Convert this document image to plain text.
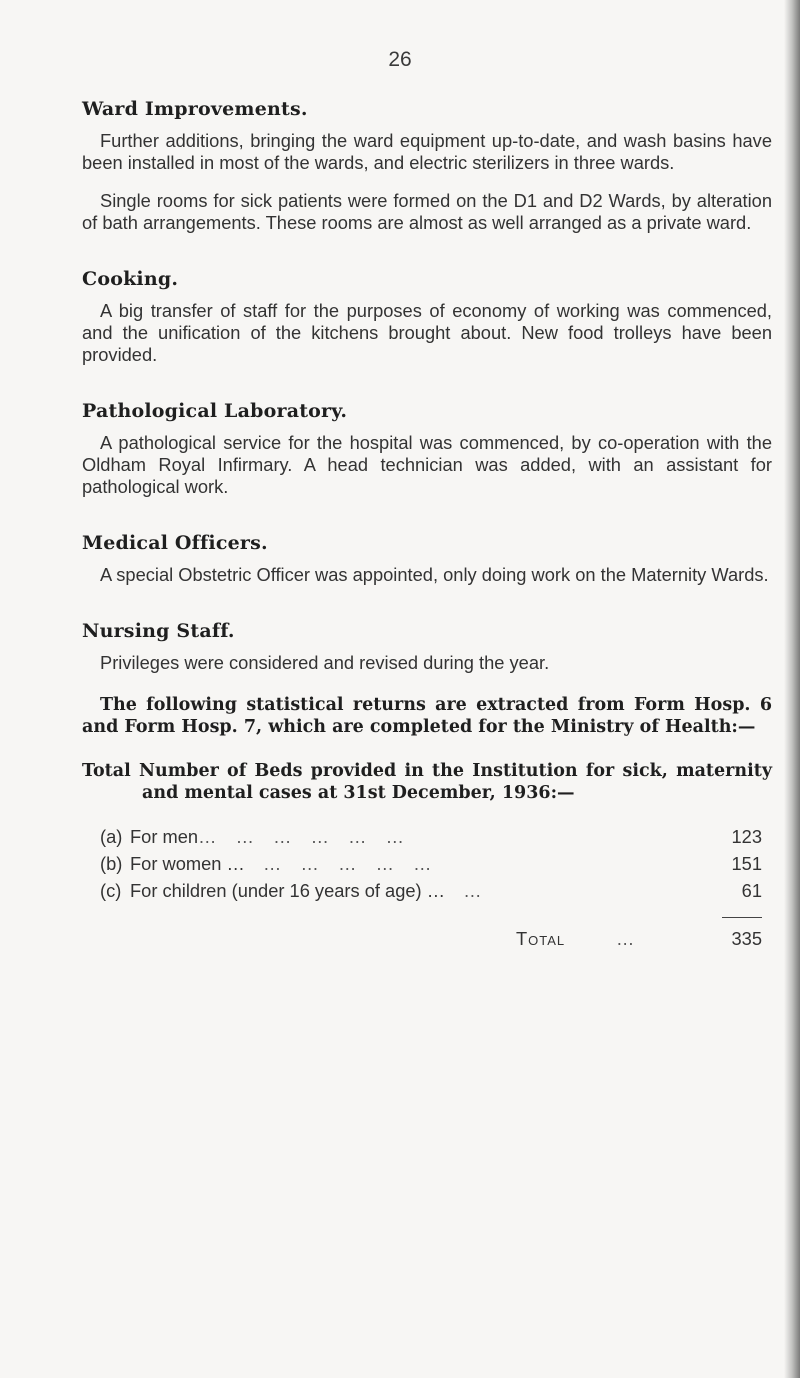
26
Ward Improvements.

Further additions, bringing the ward equipment up-to-date, and wash basins have been installed in most of the wards, and electric sterilizers in three wards.

Single rooms for sick patients were formed on the D1 and D2 Wards, by alteration of bath arrangements. These rooms are almost as well arranged as a private ward.

Cooking.

A big transfer of staff for the purposes of economy of working was commenced, and the unification of the kitchens brought about. New food trolleys have been provided.

Pathological Laboratory.

A pathological service for the hospital was commenced, by co-operation with the Oldham Royal Infirmary. A head technician was added, with an assistant for pathological work.

Medical Officers.

A special Obstetric Officer was appointed, only doing work on the Maternity Wards.

Nursing Staff.

Privileges were considered and revised during the year.

The following statistical returns are extracted from Form Hosp. 6 and Form Hosp. 7, which are completed for the Ministry of Health:—

Total Number of Beds provided in the Institution for sick, maternity and mental cases at 31st December, 1936:—

(a) For men …   …   …   …   …   …	123
(b) For women … …   …   …   …   …	151
(c) For children (under 16 years of age) … …	61
Total	…	335
